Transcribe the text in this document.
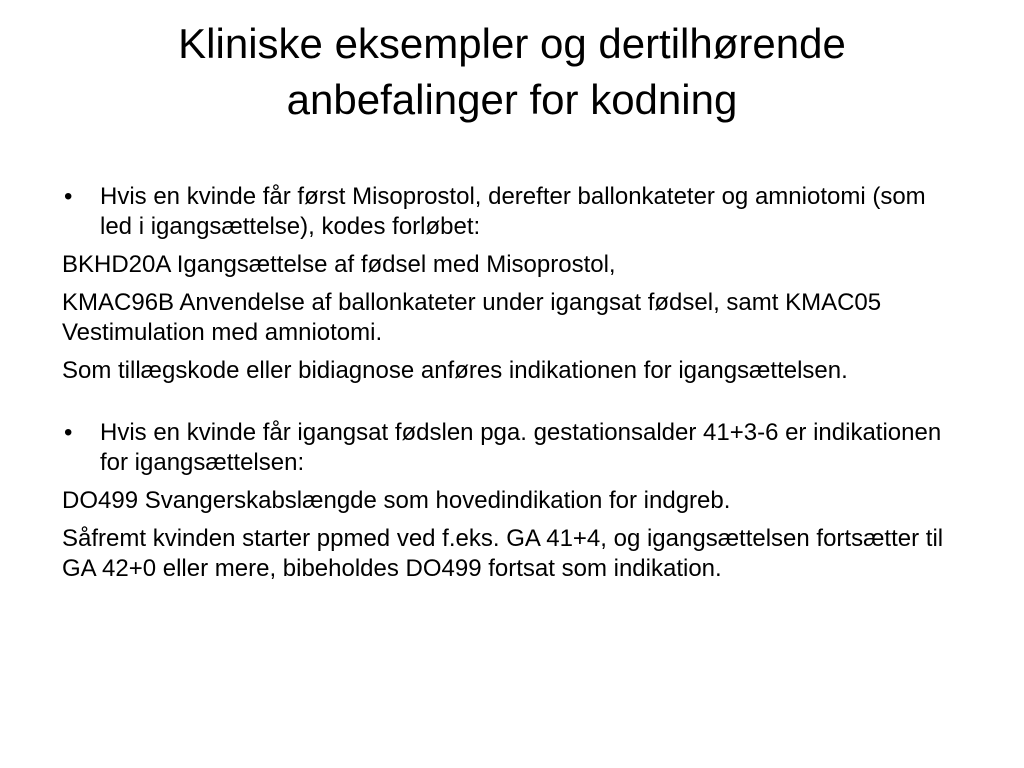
Kliniske eksempler og dertilhørende
anbefalinger for kodning
• Hvis en kvinde får først Misoprostol, derefter ballonkateter og amniotomi (som led i igangsættelse), kodes forløbet:
BKHD20A Igangsættelse af fødsel med Misoprostol,
KMAC96B Anvendelse af ballonkateter under igangsat fødsel, samt KMAC05 Vestimulation med amniotomi.
Som tillægskode eller bidiagnose anføres indikationen for igangsættelsen.
• Hvis en kvinde får igangsat fødslen pga. gestationsalder 41+3-6 er indikationen for igangsættelsen:
DO499 Svangerskabslængde som hovedindikation for indgreb.
Såfremt kvinden starter ppmed ved f.eks. GA 41+4, og igangsættelsen fortsætter til GA 42+0 eller mere, bibeholdes DO499 fortsat som indikation.
